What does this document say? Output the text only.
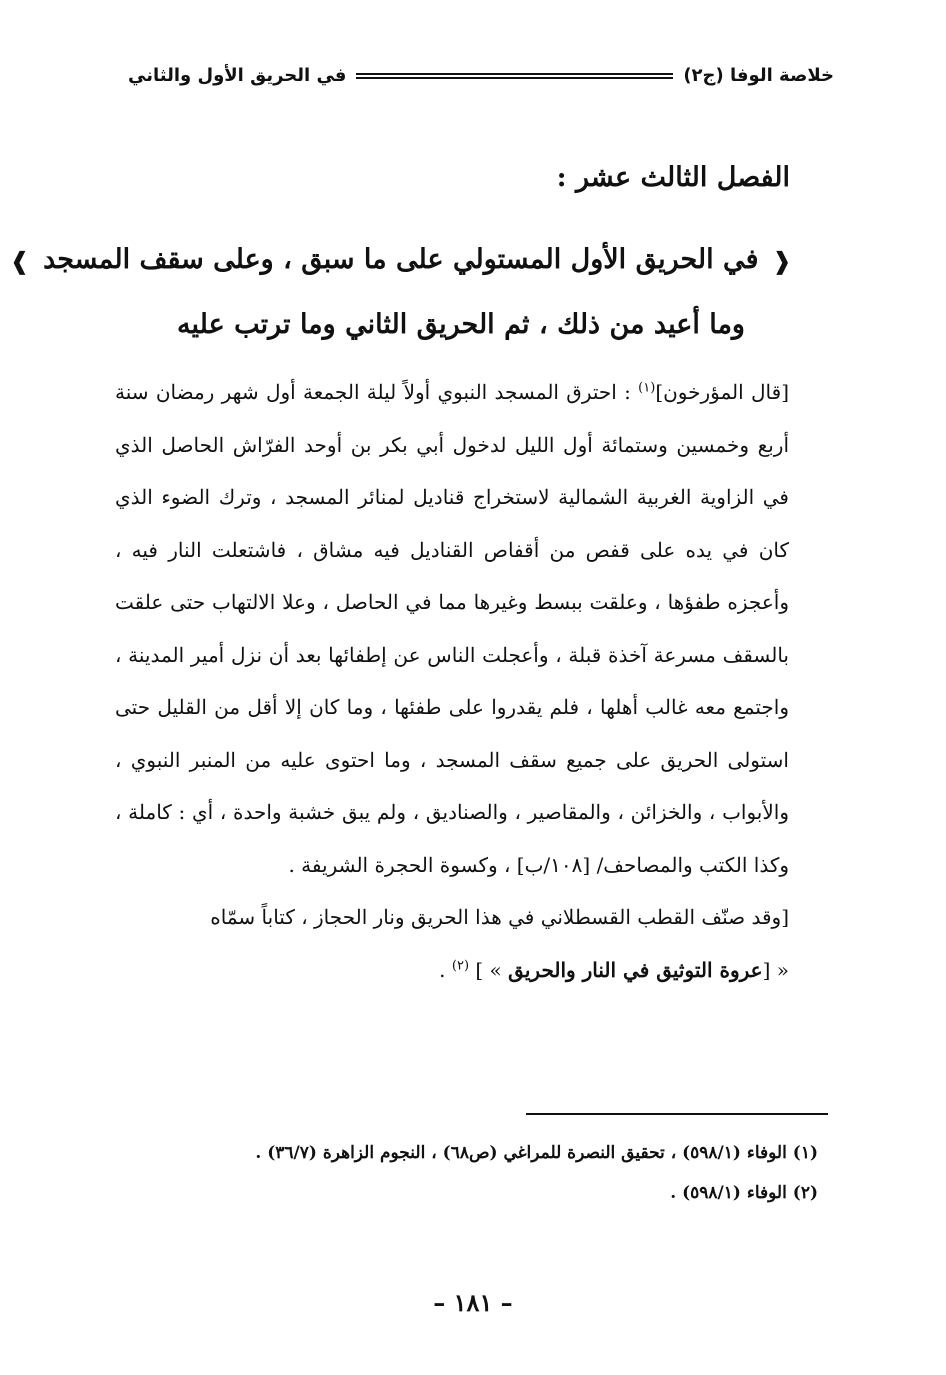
خلاصة الوفا (ج٢)
في الحريق الأول والثاني
الفصل الثالث عشر :
❰ في الحريق الأول المستولي على ما سبق ، وعلى سقف المسجد ❱
وما أعيد من ذلك ، ثم الحريق الثاني وما ترتب عليه

[قال المؤرخون]$^{(١)}$ : احترق المسجد النبوي أولاً ليلة الجمعة أول شهر رمضان سنة أربع وخمسين وستمائة أول الليل لدخول أبي بكر بن أوحد الفرّاش الحاصل الذي في الزاوية الغربية الشمالية لاستخراج قناديل لمنائر المسجد ، وترك الضوء الذي كان في يده على قفص من أقفاص القناديل فيه مشاق ، فاشتعلت النار فيه ، وأعجزه طفؤها ، وعلقت ببسط وغيرها مما في الحاصل ، وعلا الالتهاب حتى علقت بالسقف مسرعة آخذة قبلة ، وأعجلت الناس عن إطفائها بعد أن نزل أمير المدينة ، واجتمع معه غالب أهلها ، فلم يقدروا على طفئها ، وما كان إلا أقل من القليل حتى استولى الحريق على جميع سقف المسجد ، وما احتوى عليه من المنبر النبوي ، والأبواب ، والخزائن ، والمقاصير ، والصناديق ، ولم يبق خشبة واحدة ، أي : كاملة ، وكذا الكتب والمصاحف/ [١٠٨/ب] ، وكسوة الحجرة الشريفة .

[وقد صنّف القطب القسطلاني في هذا الحريق ونار الحجاز ، كتاباً سمّاه
« [عروة التوثيق في النار والحريق » ] $^{(٢)}$ .

(١) الوفاء (٥٩٨/١) ، تحقيق النصرة للمراغي (ص٦٨) ، النجوم الزاهرة (٣٦/٧) .
(٢) الوفاء (٥٩٨/١) .
– ١٨١ –
